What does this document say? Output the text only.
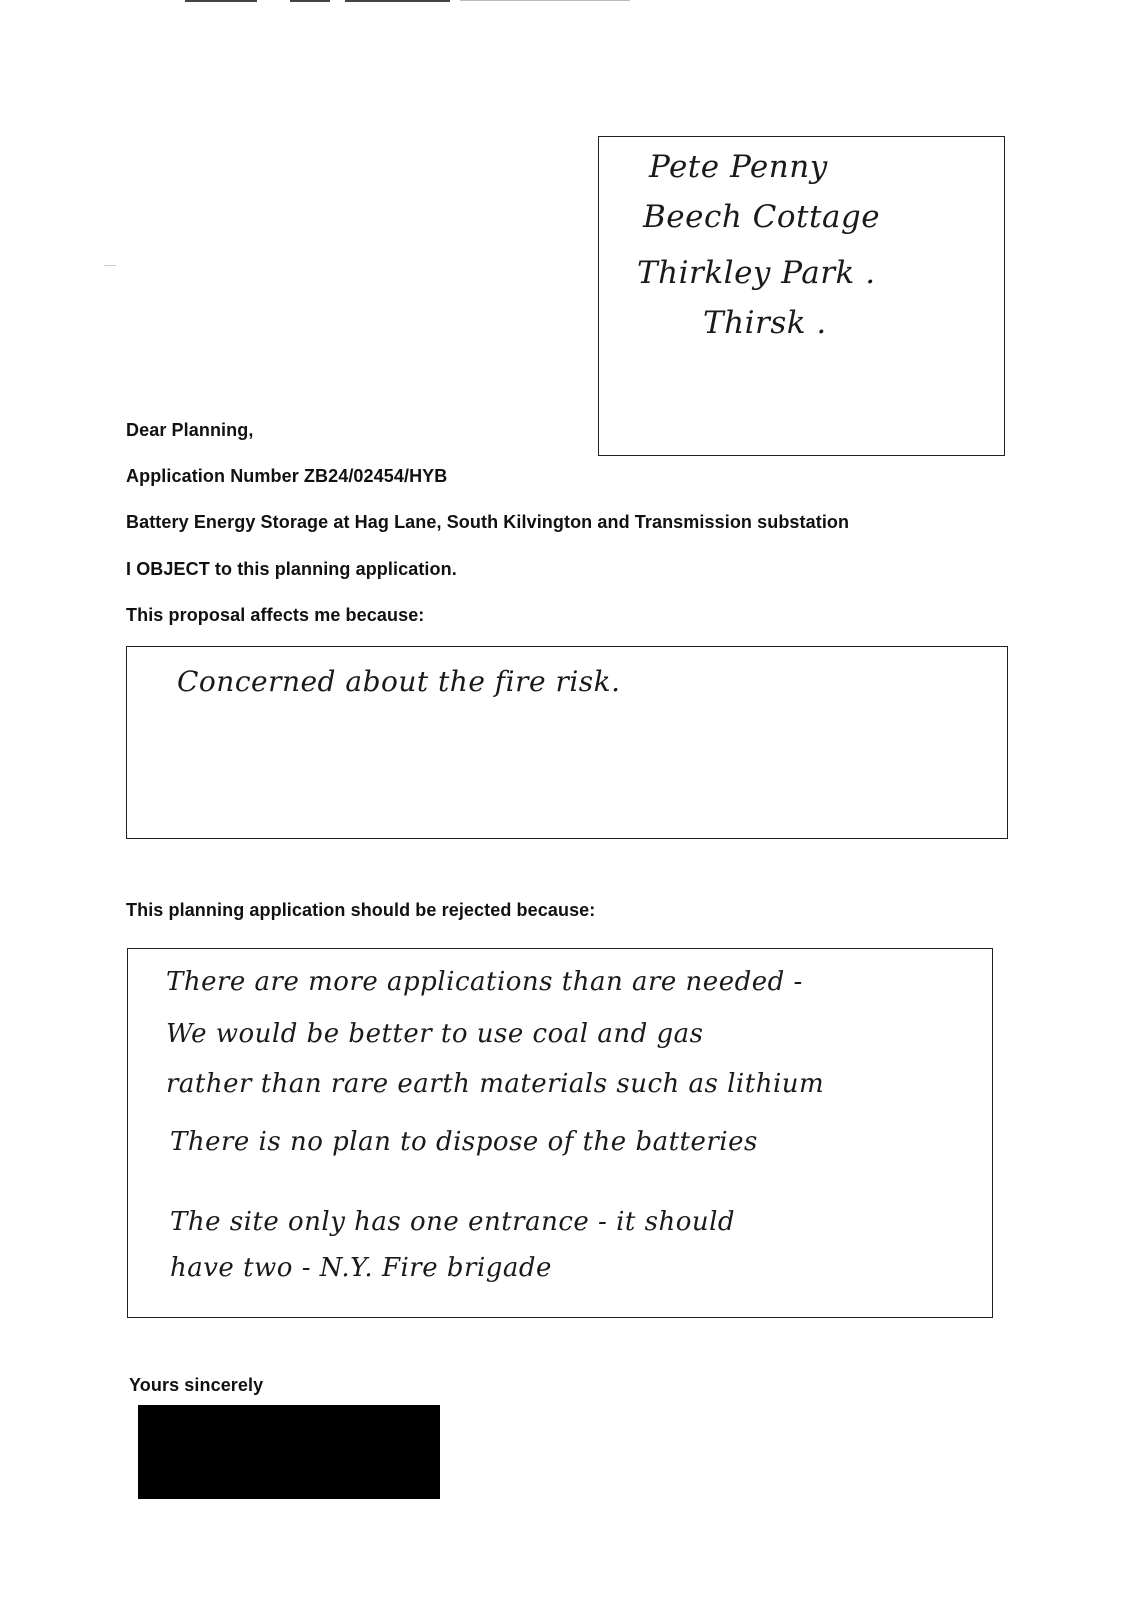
Pete Penny
Beech Cottage
Thirkley Park .
Thirsk .
Dear Planning,
Application Number ZB24/02454/HYB
Battery Energy Storage at Hag Lane, South Kilvington and Transmission substation
I OBJECT to this planning application.
This proposal affects me because:
Concerned about the fire risk.
This planning application should be rejected because:
There are more applications than are needed -
We would be better to use coal and gas
rather than rare earth materials such as lithium
There is no plan to dispose of the batteries
The site only has one entrance - it should
have two - N.Y. Fire brigade
Yours sincerely
